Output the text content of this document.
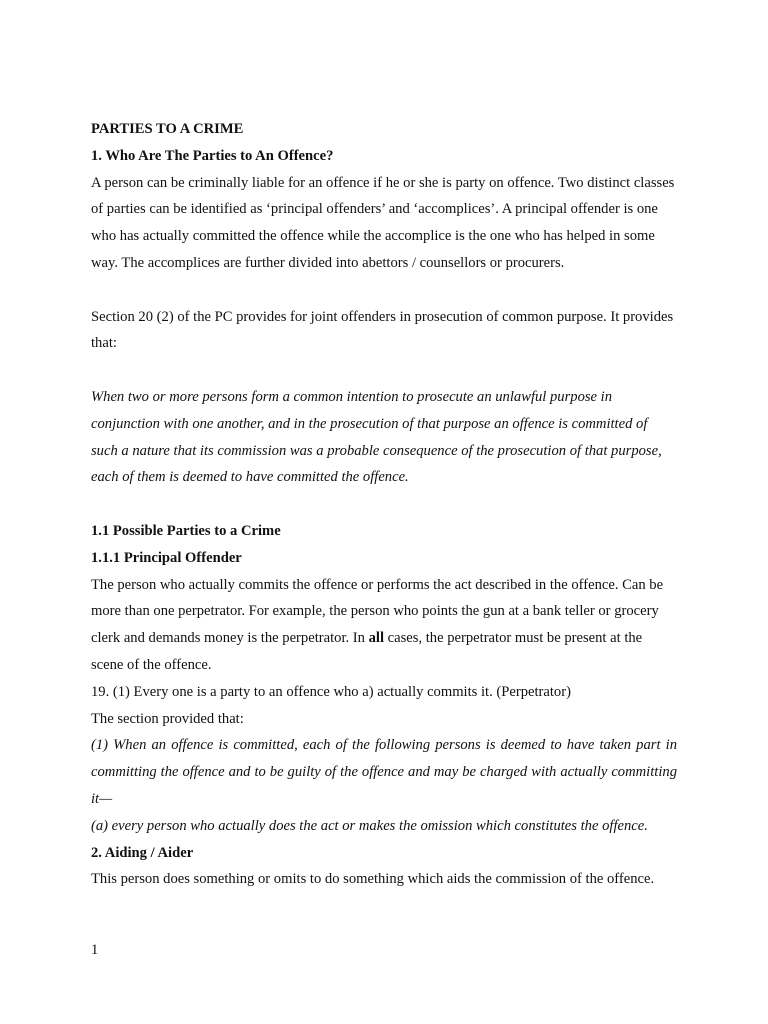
PARTIES TO A CRIME

1. Who Are The Parties to An Offence?

A person can be criminally liable for an offence if he or she is party on offence. Two distinct classes of parties can be identified as ‘principal offenders’ and ‘accomplices’. A principal offender is one who has actually committed the offence while the accomplice is the one who has helped in some way. The accomplices are further divided into abettors / counsellors or procurers.

Section 20 (2) of the PC provides for joint offenders in prosecution of common purpose. It provides that:

When two or more persons form a common intention to prosecute an unlawful purpose in conjunction with one another, and in the prosecution of that purpose an offence is committed of such a nature that its commission was a probable consequence of the prosecution of that purpose, each of them is deemed to have committed the offence.

1.1 Possible Parties to a Crime

1.1.1 Principal Offender

The person who actually commits the offence or performs the act described in the offence. Can be more than one perpetrator. For example, the person who points the gun at a bank teller or grocery clerk and demands money is the perpetrator. In all cases, the perpetrator must be present at the scene of the offence.

19. (1) Every one is a party to an offence who a) actually commits it. (Perpetrator)

The section provided that:

(1) When an offence is committed, each of the following persons is deemed to have taken part in committing the offence and to be guilty of the offence and may be charged with actually committing it—

(a) every person who actually does the act or makes the omission which constitutes the offence.

2. Aiding / Aider

This person does something or omits to do something which aids the commission of the offence.

1
